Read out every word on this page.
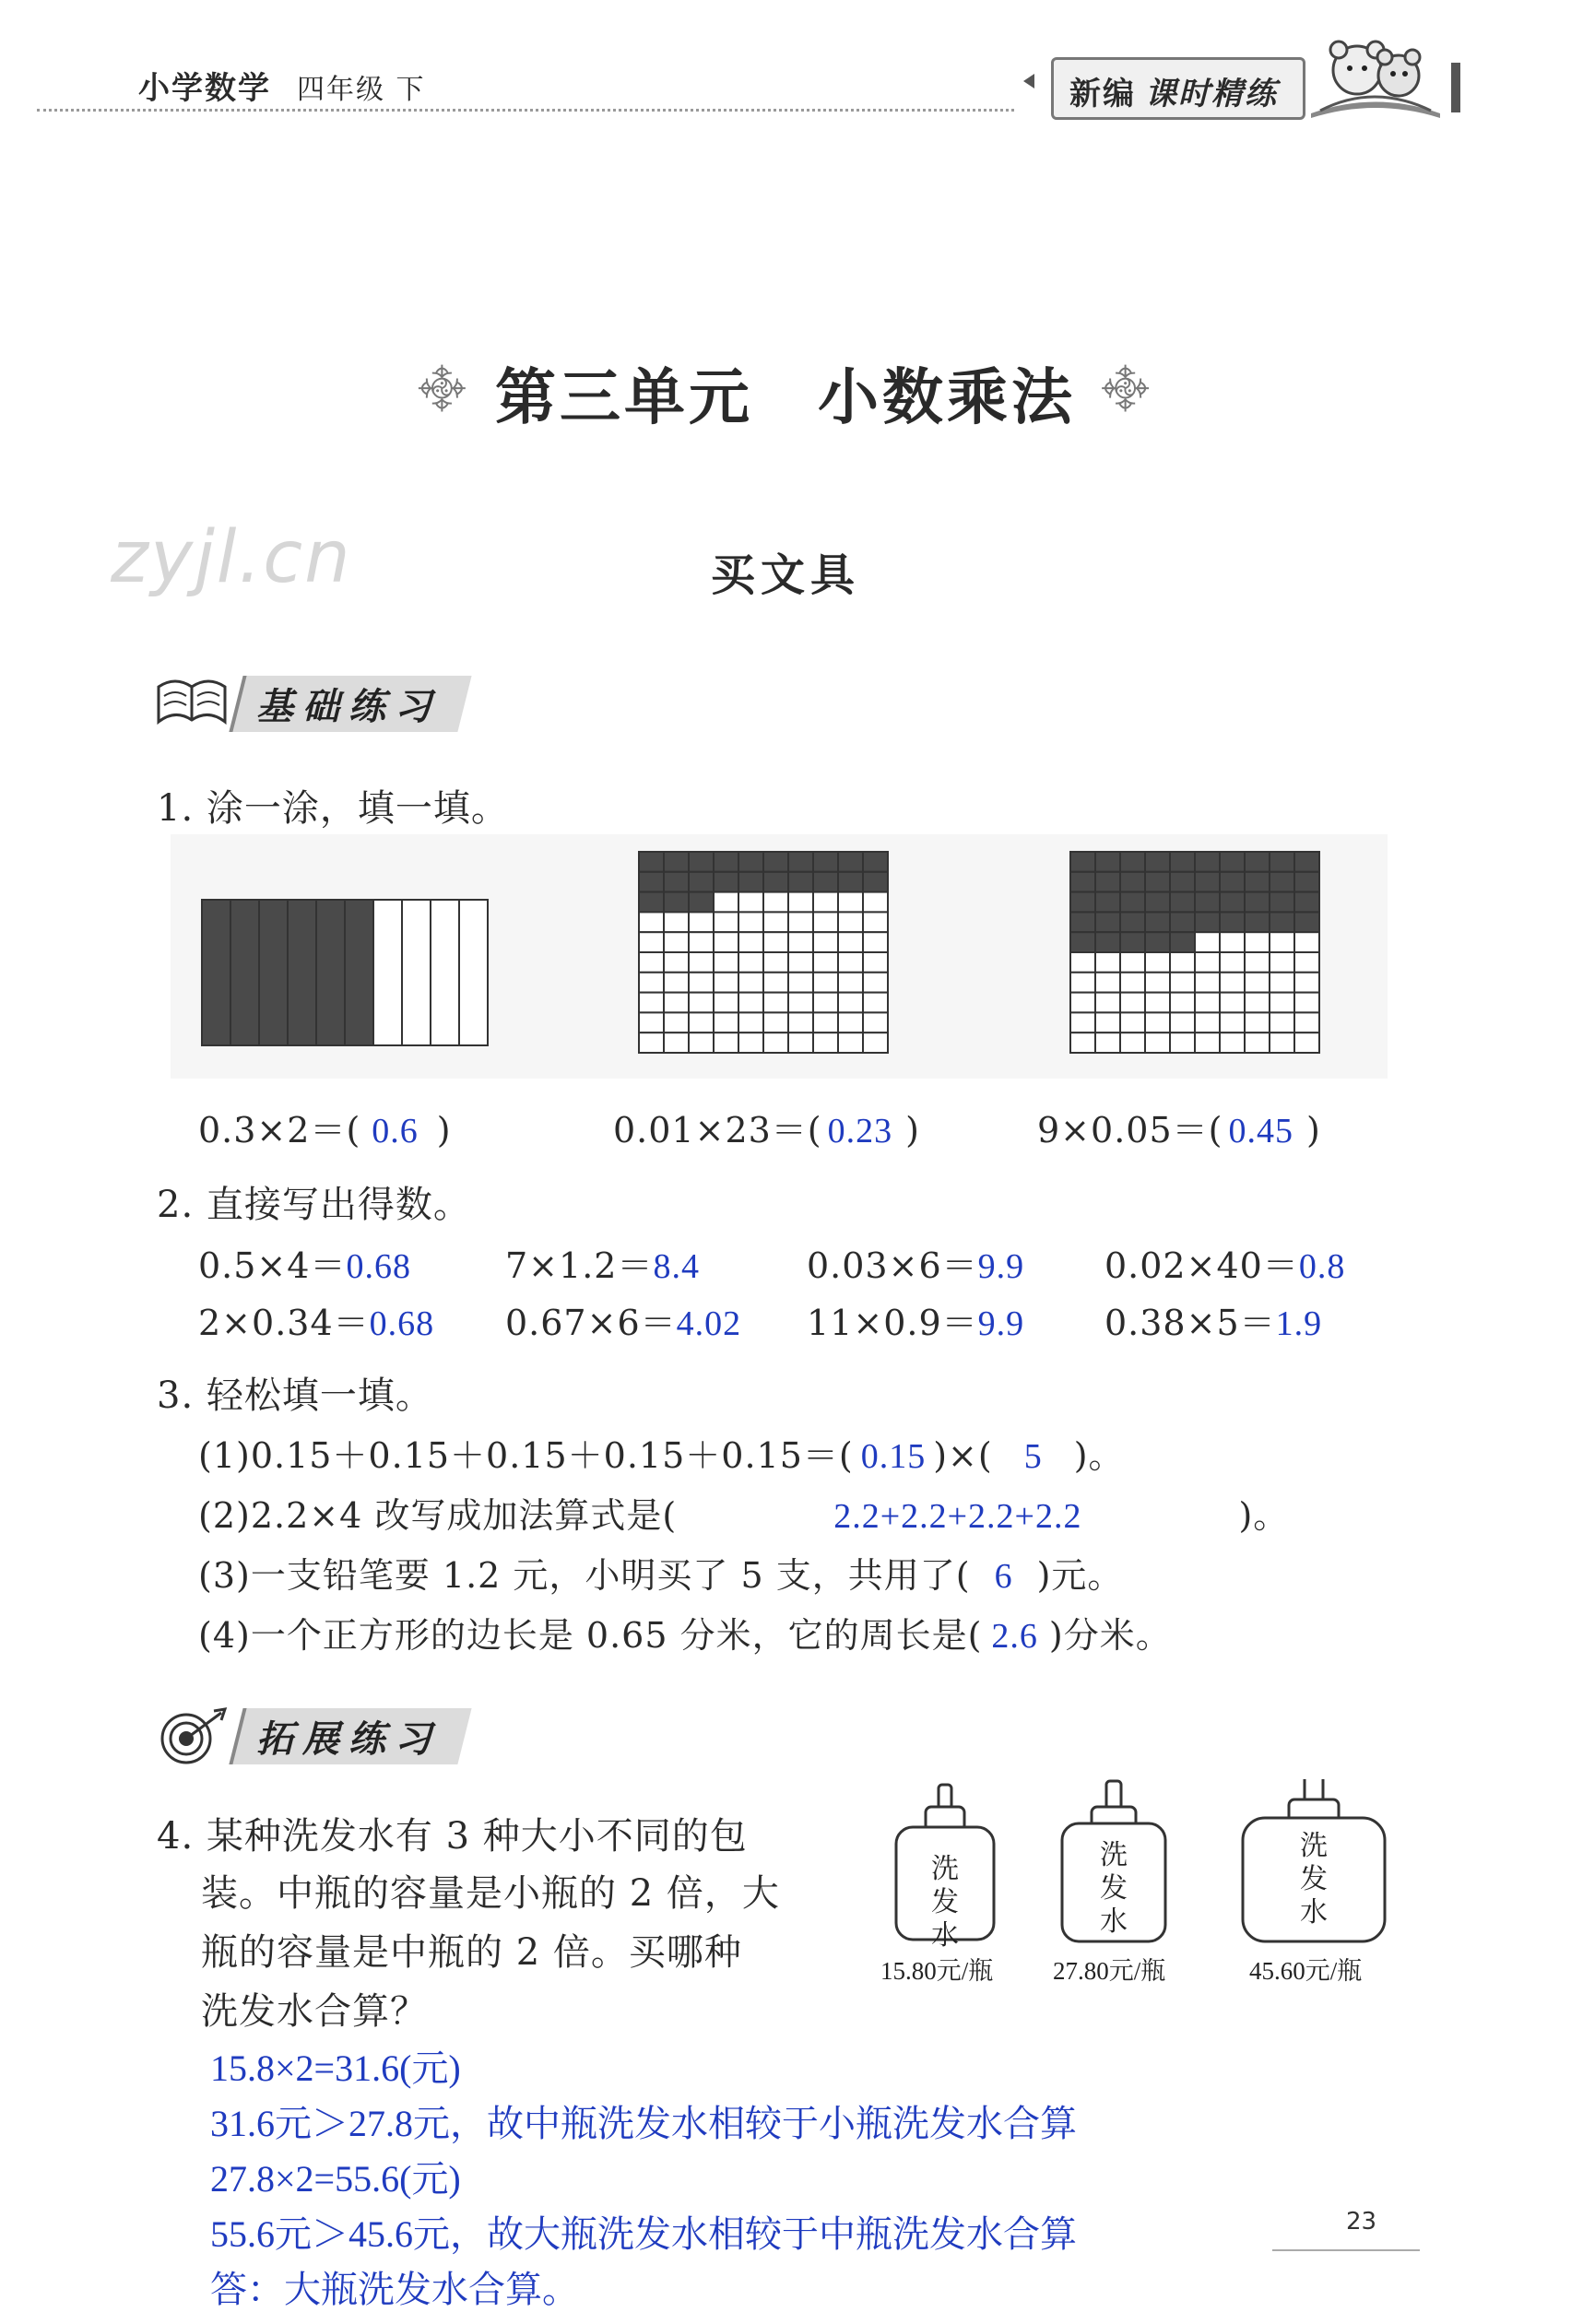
小学数学 四年级 下	新编 课时精练
࿇ 第三单元 小数乘法 ࿇
zyjl.cn	买文具
基础练习
1. 涂一涂，填一填。
0.3×2＝( 0.6 )	0.01×23＝( 0.23 )	9×0.05＝( 0.45 )
2. 直接写出得数。
0.5×4＝0.68	7×1.2＝8.4	0.03×6＝9.9 0.02×40＝0.8
2×0.34＝0.68 0.67×6＝4.02 11×0.9＝9.9 0.38×5＝1.9
3. 轻松填一填。
(1)0.15＋0.15＋0.15＋0.15＋0.15＝( 0.15 )×( 5 )。
(2)2.2×4 改写成加法算式是(	2.2+2.2+2.2+2.2	)。
(3)一支铅笔要 1.2 元，小明买了 5 支，共用了( 6 )元。
(4)一个正方形的边长是 0.65 分米，它的周长是( 2.6 )分米。
拓展练习
4. 某种洗发水有 3 种大小不同的包
装。中瓶的容量是小瓶的 2 倍，大
瓶的容量是中瓶的 2 倍。买哪种
洗发水合算？
洗
发
水
洗
发
水
洗
发
水
15.80元/瓶 27.80元/瓶	45.60元/瓶
15.8×2=31.6(元)
31.6元＞27.8元，故中瓶洗发水相较于小瓶洗发水合算
27.8×2=55.6(元)
55.6元＞45.6元，故大瓶洗发水相较于中瓶洗发水合算
答：大瓶洗发水合算。
23
